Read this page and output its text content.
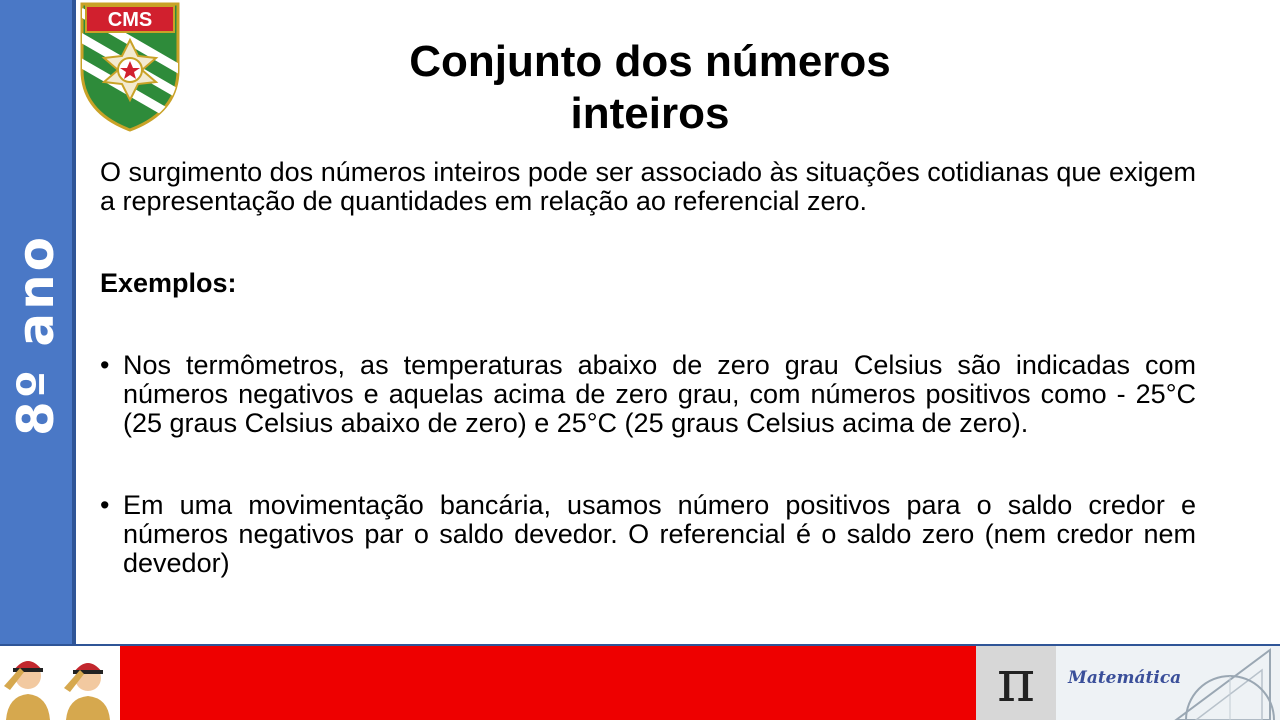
8º ano
CMS
Conjunto dos números
inteiros

O surgimento dos números inteiros pode ser associado às situações cotidianas que exigem a representação de quantidades em relação ao referencial zero.

Exemplos:

• Nos termômetros, as temperaturas abaixo de zero grau Celsius são indicadas com números negativos e aquelas acima de zero grau, com números positivos como - 25°C (25 graus Celsius abaixo de zero) e 25°C (25 graus Celsius acima de zero).
• Em uma movimentação bancária, usamos número positivos para o saldo credor e números negativos par o saldo devedor. O referencial é o saldo zero (nem credor nem devedor)
π	Matemática
